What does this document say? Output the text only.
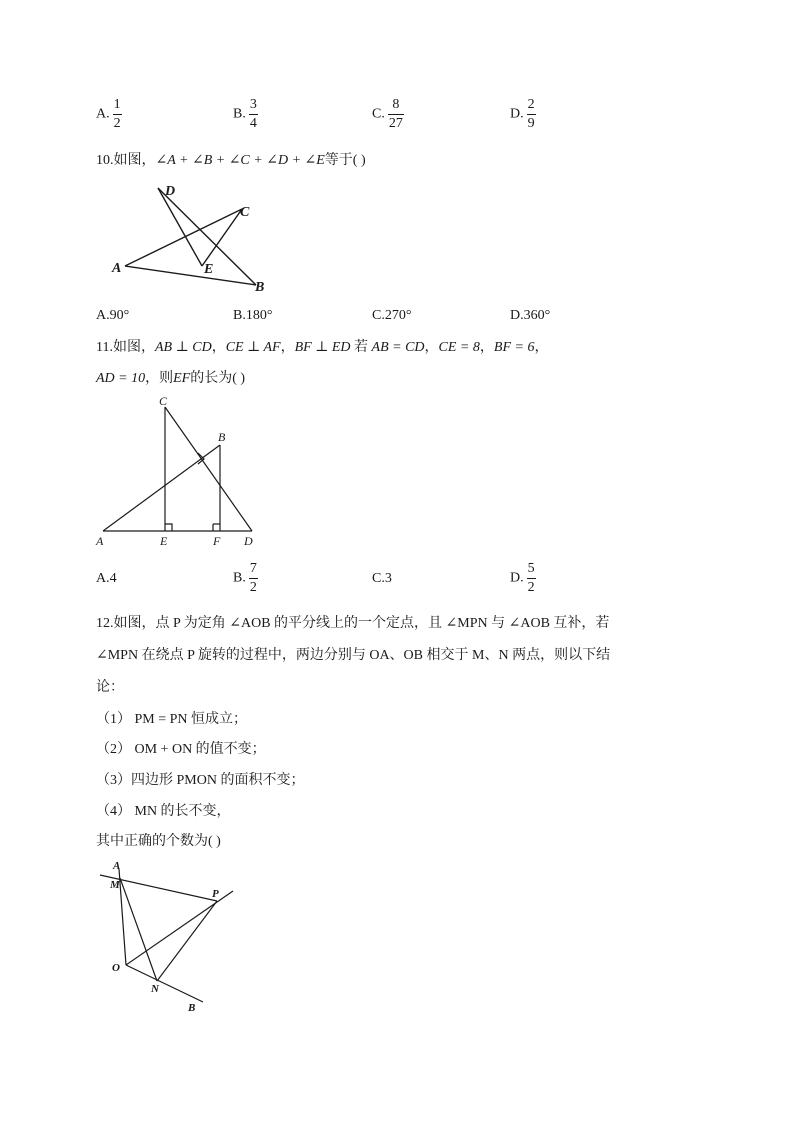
A. $\frac{1}{2}$	B. $\frac{3}{4}$	C. $\frac{8}{27}$	D. $\frac{2}{9}$
10.如图，∠A + ∠B + ∠C + ∠D + ∠E等于( )
D
C
A	E
B
A.90°	B.180°	C.270°	D.360°
11.如图，AB ⊥ CD，CE ⊥ AF，BF ⊥ ED 若 AB = CD，CE = 8，BF = 6，
AD = 10，则EF的长为( )
C
B
A	E	F D
A.4	B. $\frac{7}{2}$	C.3	D. $\frac{5}{2}$
12.如图，点 P 为定角 ∠AOB 的平分线上的一个定点，且 ∠MPN 与 ∠AOB 互补，若
∠MPN 在绕点 P 旋转的过程中，两边分别与 OA、OB 相交于 M、N 两点，则以下结
论：
（1） PM = PN 恒成立；
（2） OM + ON 的值不变；
（3）四边形 PMON 的面积不变；
（4） MN 的长不变，
其中正确的个数为( )
A
M
P
O
N
B
